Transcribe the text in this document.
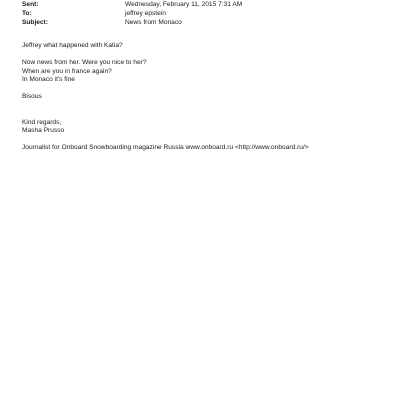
Sent:	Wednesday, February 11, 2015 7:31 AM
To:	jeffrey epstein
Subject:	News from Monaco
Jeffrey what happened with Katia?
Now news from her. Were you nice to her?
When are you in france again?
In Monaco it's fine
Bisous
Kind regards,
Masha Prusso
Journalist for Onboard Snowboarding magazine Russia www.onboard.ru <http://www.onboard.ru/>
